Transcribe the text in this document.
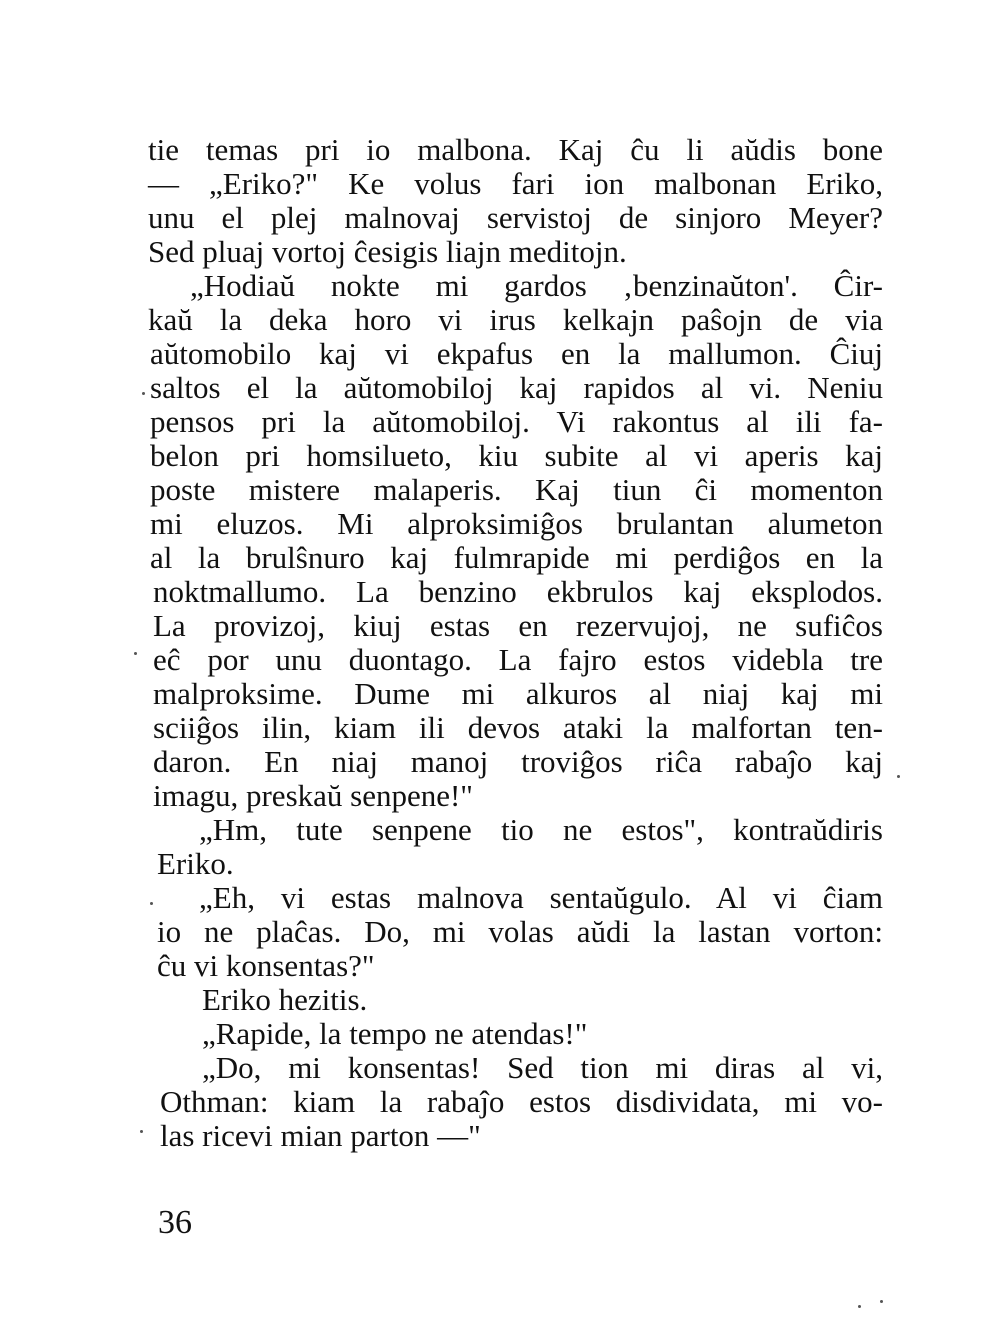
tie temas pri io malbona. Kaj ĉu li aŭdis bone
— „Eriko?" Ke volus fari ion malbonan Eriko,
unu el plej malnovaj servistoj de sinjoro Meyer?
Sed pluaj vortoj ĉesigis liajn meditojn.
„Hodiaŭ nokte mi gardos ‚benzinaŭton'. Ĉir-
kaŭ la deka horo vi irus kelkajn paŝojn de via
aŭtomobilo kaj vi ekpafus en la mallumon. Ĉiuj
saltos el la aŭtomobiloj kaj rapidos al vi. Neniu
pensos pri la aŭtomobiloj. Vi rakontus al ili fa-
belon pri homsilueto, kiu subite al vi aperis kaj
poste mistere malaperis. Kaj tiun ĉi momenton
mi eluzos. Mi alproksimiĝos brulantan alumeton
al la brulŝnuro kaj fulmrapide mi perdiĝos en la
noktmallumo. La benzino ekbrulos kaj eksplodos.
La provizoj, kiuj estas en rezervujoj, ne sufiĉos
eĉ por unu duontago. La fajro estos videbla tre
malproksime. Dume mi alkuros al niaj kaj mi
sciiĝos ilin, kiam ili devos ataki la malfortan ten-
daron. En niaj manoj troviĝos riĉa rabaĵo kaj
imagu, preskaŭ senpene!"
„Hm, tute senpene tio ne estos", kontraŭdiris
Eriko.
„Eh, vi estas malnova sentaŭgulo. Al vi ĉiam
io ne plaĉas. Do, mi volas aŭdi la lastan vorton:
ĉu vi konsentas?"
Eriko hezitis.
„Rapide, la tempo ne atendas!"
„Do, mi konsentas! Sed tion mi diras al vi,
Othman: kiam la rabaĵo estos disdividata, mi vo-
las ricevi mian parton —"
36
